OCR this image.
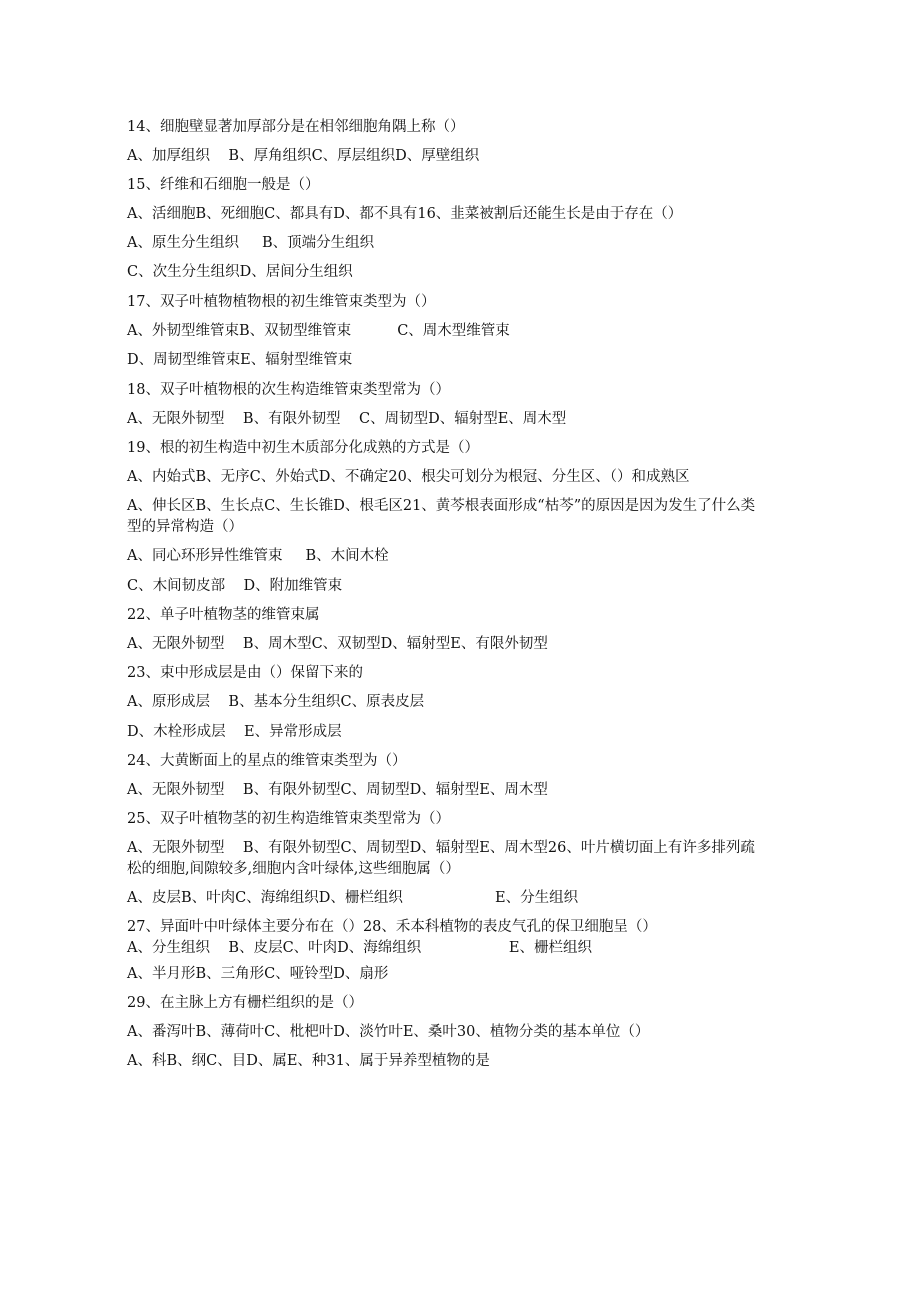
14、细胞壁显著加厚部分是在相邻细胞角隅上称（）
A、加厚组织    B、厚角组织C、厚层组织D、厚壁组织
15、纤维和石细胞一般是（）
A、活细胞B、死细胞C、都具有D、都不具有16、韭菜被割后还能生长是由于存在（）
A、原生分生组织     B、顶端分生组织
C、次生分生组织D、居间分生组织
17、双子叶植物植物根的初生维管束类型为（）
A、外韧型维管束B、双韧型维管束          C、周木型维管束
D、周韧型维管束E、辐射型维管束
18、双子叶植物根的次生构造维管束类型常为（）
A、无限外韧型    B、有限外韧型    C、周韧型D、辐射型E、周木型
19、根的初生构造中初生木质部分化成熟的方式是（）
A、内始式B、无序C、外始式D、不确定20、根尖可划分为根冠、分生区、（）和成熟区
A、伸长区B、生长点C、生长锥D、根毛区21、黄芩根表面形成“枯芩”的原因是因为发生了什么类型的异常构造（）
A、同心环形异性维管束     B、木间木栓
C、木间韧皮部    D、附加维管束
22、单子叶植物茎的维管束属
A、无限外韧型    B、周木型C、双韧型D、辐射型E、有限外韧型
23、束中形成层是由（）保留下来的
A、原形成层    B、基本分生组织C、原表皮层
D、木栓形成层    E、异常形成层
24、大黄断面上的星点的维管束类型为（）
A、无限外韧型    B、有限外韧型C、周韧型D、辐射型E、周木型
25、双子叶植物茎的初生构造维管束类型常为（）
A、无限外韧型    B、有限外韧型C、周韧型D、辐射型E、周木型26、叶片横切面上有许多排列疏松的细胞,间隙较多,细胞内含叶绿体,这些细胞属（）
A、皮层B、叶肉C、海绵组织D、栅栏组织                    E、分生组织
27、异面叶中叶绿体主要分布在（）28、禾本科植物的表皮气孔的保卫细胞呈（）
A、分生组织    B、皮层C、叶肉D、海绵组织                   E、栅栏组织
A、半月形B、三角形C、哑铃型D、扇形
29、在主脉上方有栅栏组织的是（）
A、番泻叶B、薄荷叶C、枇杷叶D、淡竹叶E、桑叶30、植物分类的基本单位（）
A、科B、纲C、目D、属E、种31、属于异养型植物的是
